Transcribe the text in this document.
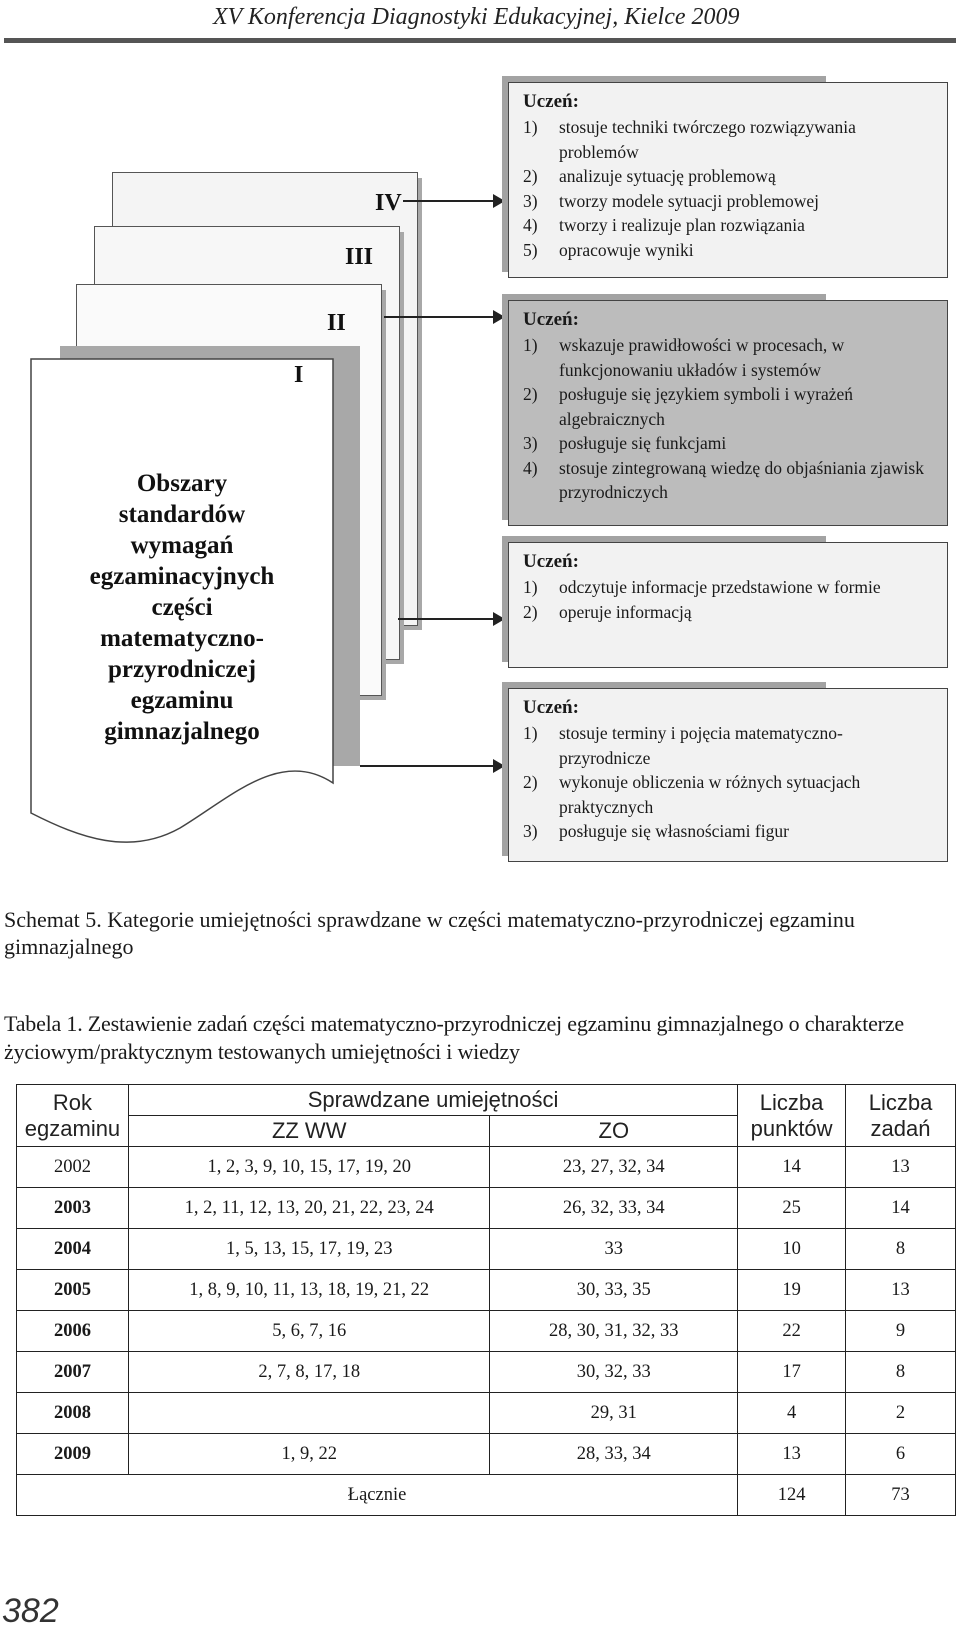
XV Konferencja Diagnostyki Edukacyjnej, Kielce 2009
IV
III
II
I
Obszary
standardów
wymagań
egzaminacyjnych
części
matematyczno-
przyrodniczej
egzaminu
gimnazjalnego
Uczeń:
1) stosuje techniki twórczego rozwiązywania problemów
2) analizuje sytuację problemową
3) tworzy modele sytuacji problemowej
4) tworzy i realizuje plan rozwiązania
5) opracowuje wyniki
Uczeń:
1) wskazuje prawidłowości w procesach, w funkcjonowaniu układów i systemów
2) posługuje się językiem symboli i wyrażeń algebraicznych
3) posługuje się funkcjami
4) stosuje zintegrowaną wiedzę do objaśniania zjawisk przyrodniczych
Uczeń:
1) odczytuje informacje przedstawione w formie
2) operuje informacją
Uczeń:
1) stosuje terminy i pojęcia matematyczno-przyrodnicze
2) wykonuje obliczenia w różnych sytuacjach praktycznych
3) posługuje się własnościami figur
Schemat 5. Kategorie umiejętności sprawdzane w części matematyczno-przyrodniczej egzaminu gimnazjalnego
Tabela 1. Zestawienie zadań części matematyczno-przyrodniczej egzaminu gimnazjalnego o charakterze życiowym/praktycznym testowanych umiejętności i wiedzy
Rok egzaminu	Sprawdzane umiejętności		Liczba punktów	Liczba zadań
	ZZ WW	ZO		
2002	1, 2, 3, 9, 10, 15, 17, 19, 20	23, 27, 32, 34	14	13
2003	1, 2, 11, 12, 13, 20, 21, 22, 23, 24	26, 32, 33, 34	25	14
2004	1, 5, 13, 15, 17, 19, 23	33	10	8
2005	1, 8, 9, 10, 11, 13, 18, 19, 21, 22	30, 33, 35	19	13
2006	5, 6, 7, 16	28, 30, 31, 32, 33	22	9
2007	2, 7, 8, 17, 18	30, 32, 33	17	8
2008		29, 31	4	2
2009	1, 9, 22	28, 33, 34	13	6
Łącznie			124	73
382
